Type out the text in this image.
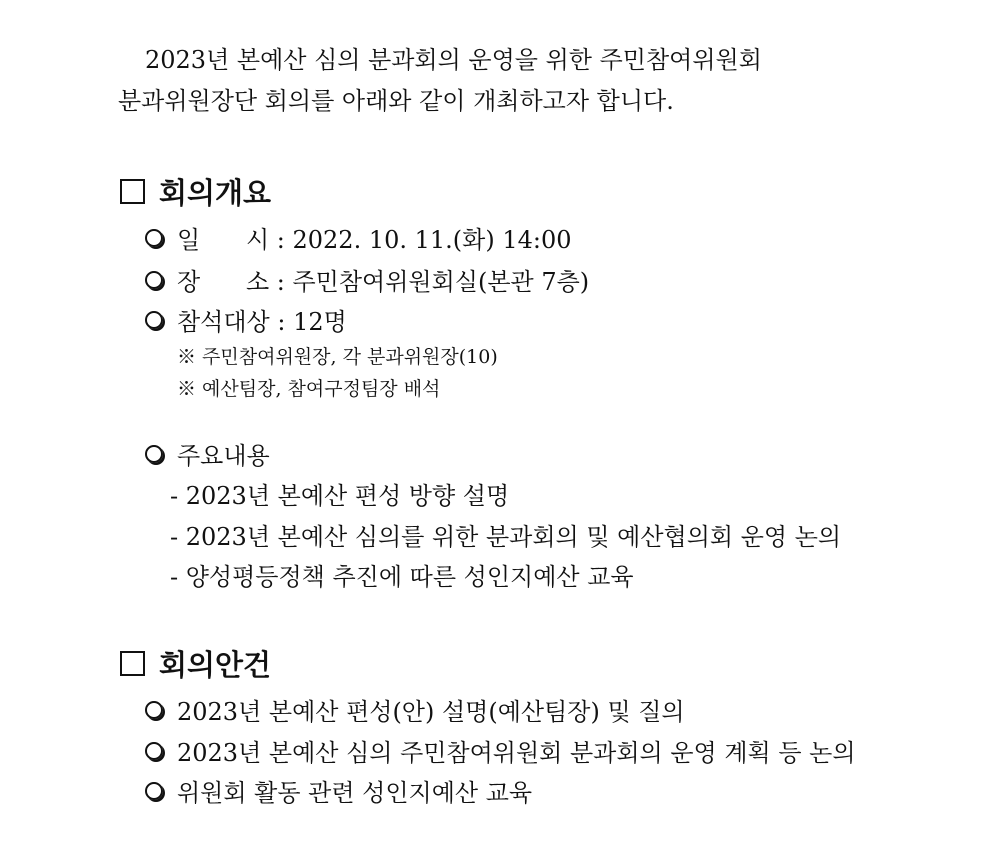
2023년 본예산 심의 분과회의 운영을 위한 주민참여위원회
분과위원장단 회의를 아래와 같이 개최하고자 합니다.
회의개요
일      시 : 2022. 10. 11.(화) 14:00
장      소 : 주민참여위원회실(본관 7층)
참석대상 : 12명
※ 주민참여위원장, 각 분과위원장(10)
※ 예산팀장, 참여구정팀장 배석
주요내용
- 2023년 본예산 편성 방향 설명
- 2023년 본예산 심의를 위한 분과회의 및 예산협의회 운영 논의
- 양성평등정책 추진에 따른 성인지예산 교육
회의안건
2023년 본예산 편성(안) 설명(예산팀장) 및 질의
2023년 본예산 심의 주민참여위원회 분과회의 운영 계획 등 논의
위원회 활동 관련 성인지예산 교육
